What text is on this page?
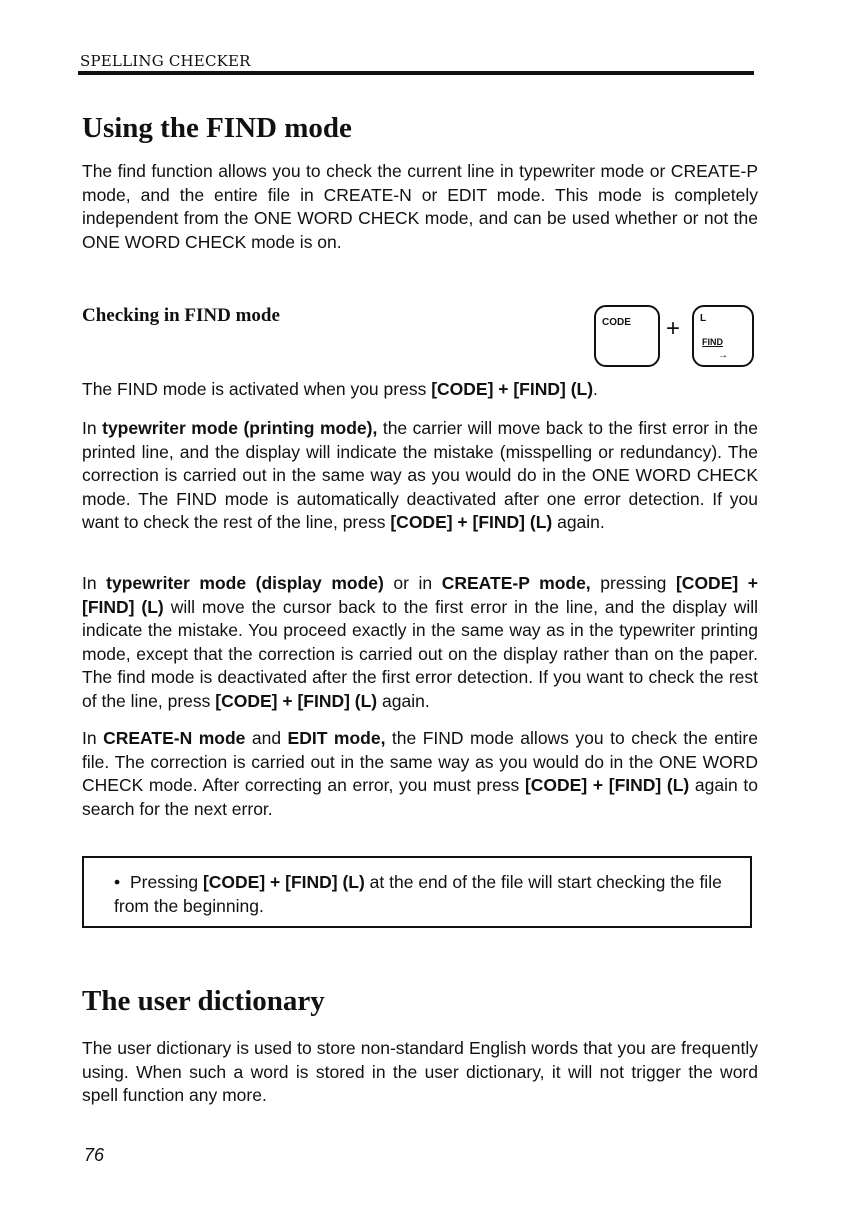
SPELLING CHECKER
Using the FIND mode

The find function allows you to check the current line in typewriter mode or CREATE-P mode, and the entire file in CREATE-N or EDIT mode. This mode is completely independent from the ONE WORD CHECK mode, and can be used whether or not the ONE WORD CHECK mode is on.

Checking in FIND mode	CODE + L
FIND
→

The FIND mode is activated when you press [CODE] + [FIND] (L).

In typewriter mode (printing mode), the carrier will move back to the first error in the printed line, and the display will indicate the mistake (misspelling or redundancy). The correction is carried out in the same way as you would do in the ONE WORD CHECK mode. The FIND mode is automatically deactivated after one error detection. If you want to check the rest of the line, press [CODE] + [FIND] (L) again.

In typewriter mode (display mode) or in CREATE-P mode, pressing [CODE] + [FIND] (L) will move the cursor back to the first error in the line, and the display will indicate the mistake. You proceed exactly in the same way as in the typewriter printing mode, except that the correction is carried out on the display rather than on the paper. The find mode is deactivated after the first error detection. If you want to check the rest of the line, press [CODE] + [FIND] (L) again.

In CREATE-N mode and EDIT mode, the FIND mode allows you to check the entire file. The correction is carried out in the same way as you would do in the ONE WORD CHECK mode. After correcting an error, you must press [CODE] + [FIND] (L) again to search for the next error.

• Pressing [CODE] + [FIND] (L) at the end of the file will start checking the file from the beginning.
The user dictionary

The user dictionary is used to store non-standard English words that you are frequently using. When such a word is stored in the user dictionary, it will not trigger the word spell function any more.

76
